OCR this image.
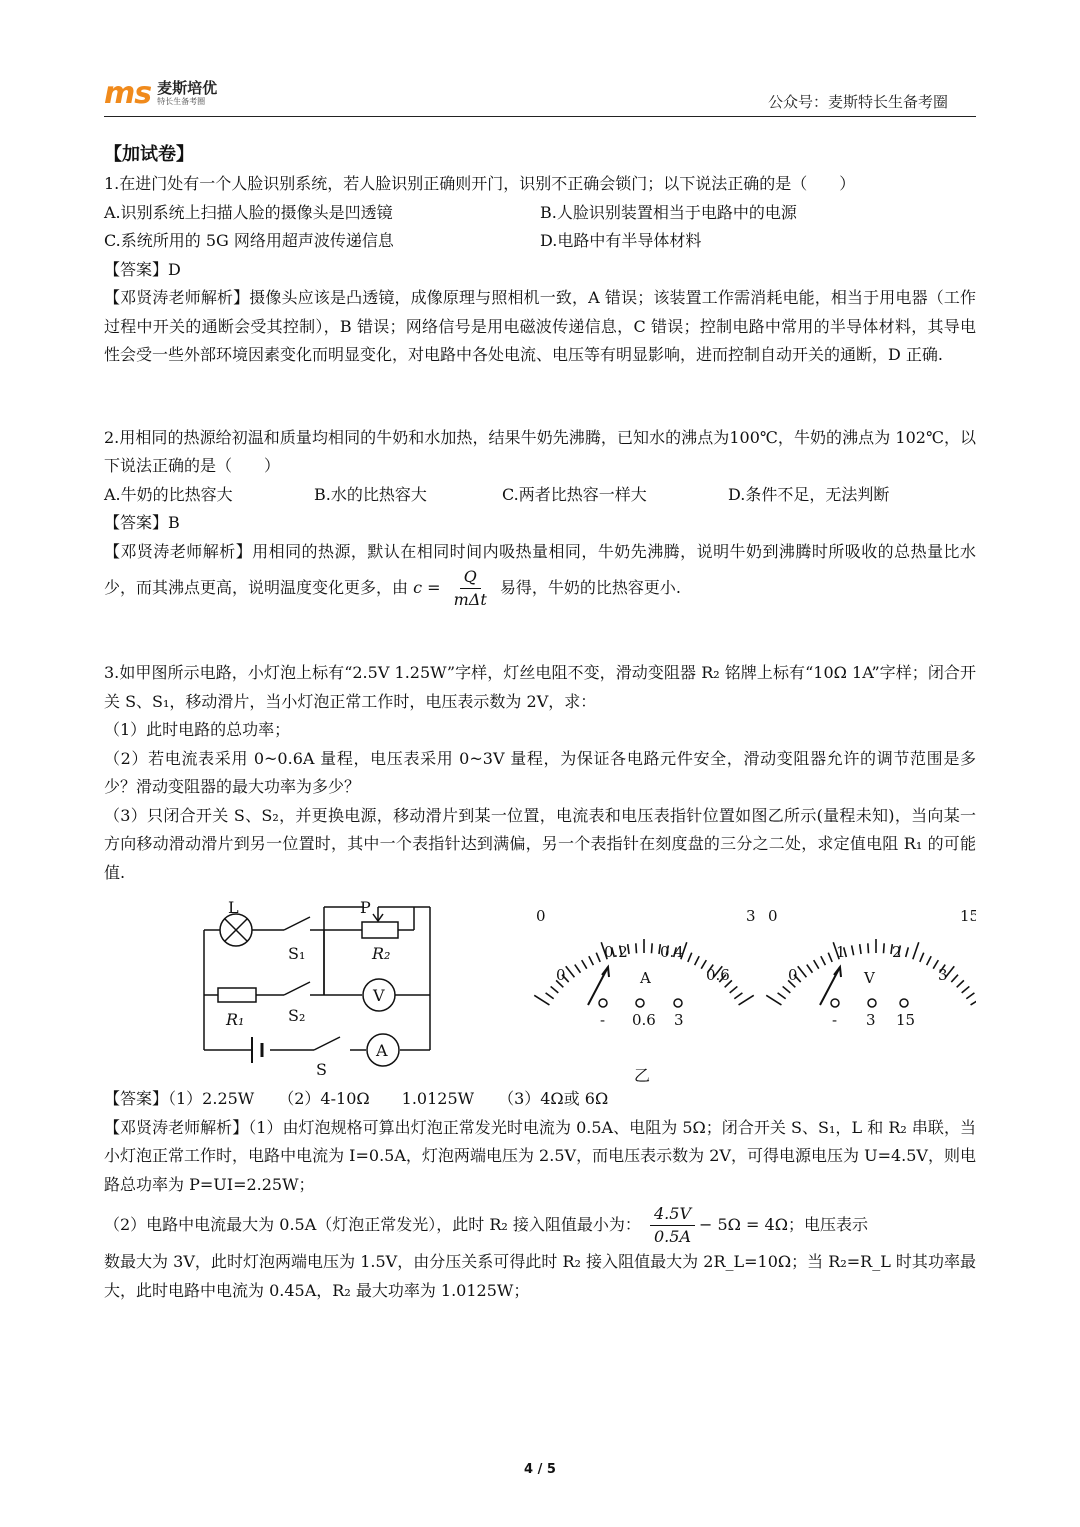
ms 麦斯培优
特长生备考圈	公众号：麦斯特长生备考圈

【加试卷】

1.在进门处有一个人脸识别系统，若人脸识别正确则开门，识别不正确会锁门；以下说法正确的是（　　）

A.识别系统上扫描人脸的摄像头是凹透镜	B.人脸识别装置相当于电路中的电源
C.系统所用的 5G 网络用超声波传递信息	D.电路中有半导体材料

【答案】D

【邓贤涛老师解析】摄像头应该是凸透镜，成像原理与照相机一致，A 错误；该装置工作需消耗电能，相当于用电器（工作过程中开关的通断会受其控制），B 错误；网络信号是用电磁波传递信息，C 错误；控制电路中常用的半导体材料，其导电性会受一些外部环境因素变化而明显变化，对电路中各处电流、电压等有明显影响，进而控制自动开关的通断，D 正确.

2.用相同的热源给初温和质量均相同的牛奶和水加热，结果牛奶先沸腾，已知水的沸点为100℃，牛奶的沸点为 102℃，以下说法正确的是（　　）

A.牛奶的比热容大	B.水的比热容大	C.两者比热容一样大	D.条件不足，无法判断

【答案】B

【邓贤涛老师解析】用相同的热源，默认在相同时间内吸热量相同，牛奶先沸腾，说明牛奶到沸腾时所吸收的总热量比水少，而其沸点更高，说明温度变化更多，由 $c = \frac{Q}{\text{mΔt}}$ 易得，牛奶的比热容更小.

3.如甲图所示电路，小灯泡上标有“2.5V 1.25W”字样，灯丝电阻不变，滑动变阻器 R₂ 铭牌上标有“10Ω 1A”字样；闭合开关 S、S₁，移动滑片，当小灯泡正常工作时，电压表示数为 2V，求：

（1）此时电路的总功率；

（2）若电流表采用 0~0.6A 量程，电压表采用 0~3V 量程，为保证各电路元件安全，滑动变阻器允许的调节范围是多少？滑动变阻器的最大功率为多少？

（3）只闭合开关 S、S₂，并更换电源，移动滑片到某一位置，电流表和电压表指针位置如图乙所示(量程未知)，当向某一方向移动滑动滑片到另一位置时，其中一个表指针达到满偏，另一个表指针在刻度盘的三分之二处，求定值电阻 R₁ 的可能值.

L	P
R₂
S₁
R₁	S₂
V
A
S
0	3
0
0.2 0.4
0.6
A
- 0.6 3
0	15
0
1	2
3
V
- 3 15
乙

【答案】（1）2.25W　　（2）4-10Ω　　1.0125W　　（3）4Ω或 6Ω

【邓贤涛老师解析】（1）由灯泡规格可算出灯泡正常发光时电流为 0.5A、电阻为 5Ω；闭合开关 S、S₁，L 和 R₂ 串联，当小灯泡正常工作时，电路中电流为 I=0.5A，灯泡两端电压为 2.5V，而电压表示数为 2V，可得电源电压为 U=4.5V，则电路总功率为 P=UI=2.25W；

（2）电路中电流最大为 0.5A（灯泡正常发光），此时 R₂ 接入阻值最小为： $\frac{4.5V}{0.5A} - 5\Omega = 4\Omega$；电压表示

数最大为 3V，此时灯泡两端电压为 1.5V，由分压关系可得此时 R₂ 接入阻值最大为 2R_L=10Ω；当 R₂=R_L 时其功率最大，此时电路中电流为 0.45A，R₂ 最大功率为 1.0125W；

4 / 5
